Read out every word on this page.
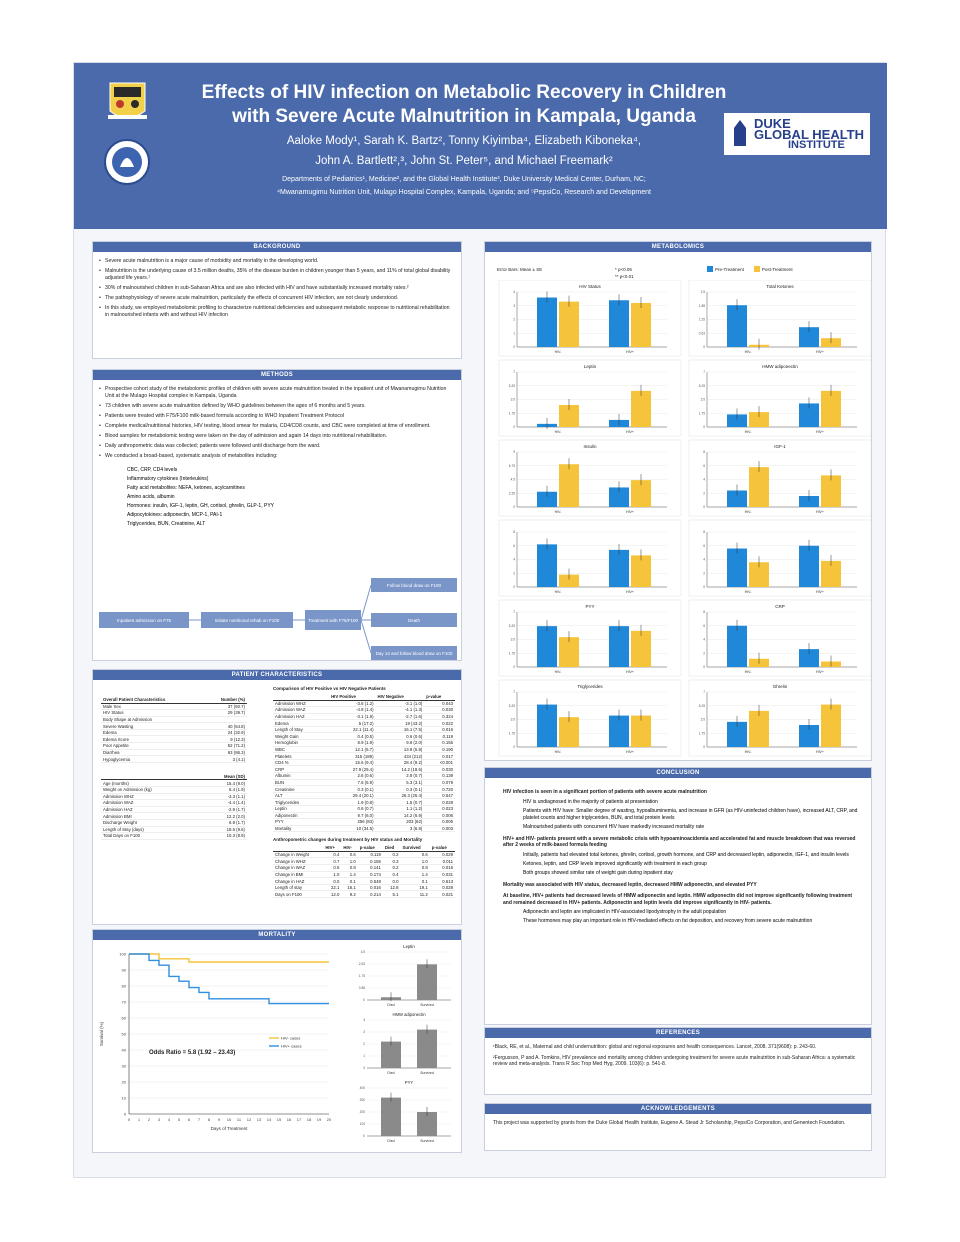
Effects of HIV infection on Metabolic Recovery in Children
with Severe Acute Malnutrition in Kampala, Uganda
Aaloke Mody¹, Sarah K. Bartz², Tonny Kiyimba⁴, Elizabeth Kiboneka⁴,
John A. Bartlett²,³, John St. Peter⁵, and Michael Freemark²
Departments of Pediatrics¹, Medicine², and the Global Health Institute³, Duke University Medical Center, Durham, NC;
⁴Mwanamugimu Nutrition Unit, Mulago Hospital Complex, Kampala, Uganda; and ⁵PepsiCo, Research and Development
DUKE
GLOBAL HEALTH
INSTITUTE
BACKGROUND
• Severe acute malnutrition is a major cause of morbidity and mortality in the developing world.
• Malnutrition is the underlying cause of 3.5 million deaths, 35% of the disease burden in children younger than 5 years, and 11% of total global disability adjusted life years.¹
• 30% of malnourished children in sub-Saharan Africa and are also infected with HIV and have substantially increased mortality rates.²
• The pathophysiology of severe acute malnutrition, particularly the effects of concurrent HIV infection, are not clearly understood.
• In this study, we employed metabolomic profiling to characterize nutritional deficiencies and subsequent metabolic response to nutritional rehabilitation in malnourished infants with and without HIV infection
METHODS
• Prospective cohort study of the metabolomic profiles of children with severe acute malnutrition treated in the inpatient unit of Mwanamugimu Nutrition Unit at the Mulago Hospital complex in Kampala, Uganda
• 73 children with severe acute malnutrition defined by WHO guidelines between the ages of 6 months and 5 years.
• Patients were treated with F75/F100 milk-based formula according to WHO Inpatient Treatment Protocol
• Complete medical/nutritional histories, HIV testing, blood smear for malaria, CD4/CD8 counts, and CBC were completed at time of enrollment.
• Blood samples for metabolomic testing were taken on the day of admission and again 14 days into nutritional rehabilitation.
• Daily anthropometric data was collected; patients were followed until discharge from the ward.
• We conducted a broad-based, systematic analysis of metabolites including:
CBC, CRP, CD4 levels
Inflammatory cytokines (Interleukins)
Fatty acid metabolites: NEFA, ketones, acylcarnitines
Amino acids, albumin
Hormones: insulin, IGF-1, leptin, GH, cortisol, ghrelin, GLP-1, PYY
Adipocytokines: adiponectin, MCP-1, PAI-1
Triglycerides, BUN, Creatinine, ALT
Inpatient admission on F75	Initiate nutritional rehab on F100	Treatment with F75/F100
Follow blood draw on F100
Death
Day 14 and follow blood draw on F100
PATIENT CHARACTERISTICS
Overall Patient Characteristics	Number (%)
Male Sex	37 (50.7)
HIV Status	29 (39.7)
Body Shape at Admission	
Severe Wasting	40 (54.8)
Edema	24 (32.9)
Edema Score	9 (12.3)
Poor Appetite	52 (71.2)
Diarrhea	63 (86.3)
Hypoglycemia	3 (4.1)
	Mean (SD)
Age (months)	15.4 (9.0)
Weight on Admission (kg)	6.4 (1.9)
Admission WHZ	-3.3 (1.1)
Admission WAZ	-4.4 (1.4)
Admission HAZ	-2.9 (1.7)
Admission BMI	12.2 (2.0)
Discharge Weight	6.9 (1.7)
Length of Stay (days)	18.5 (9.6)
Total Days on F100	10.3 (8.9)
Comparison of HIV Positive vs HIV Negative Patients
	HIV Positive	HIV Negative	p-value
Admission WHZ	-3.6 (1.2)	-3.1 (1.0)	0.043
Admission WAZ	-4.8 (1.4)	-4.1 (1.3)	0.030
Admission HAZ	-3.1 (1.9)	-2.7 (1.6)	0.324
Edema	5 (17.2)	19 (43.2)	0.022
Length of Stay	22.1 (11.4)	16.1 (7.5)	0.016
Weight Gain	0.4 (0.5)	0.6 (0.6)	0.119
Hemoglobin	8.9 (1.9)	9.6 (2.0)	0.155
WBC	12.1 (5.7)	13.9 (5.9)	0.190
Platelets	315 (189)	434 (212)	0.017
CD4 %	15.6 (9.4)	28.4 (9.2)	<0.001
CRP	27.9 (29.4)	14.2 (19.6)	0.030
Albumin	2.6 (0.6)	2.8 (0.7)	0.139
BUN	7.6 (5.9)	5.3 (3.1)	0.079
Creatinine	0.3 (0.1)	0.3 (0.1)	0.720
ALT	29.4 (20.1)	26.3 (25.4)	0.547
Triglycerides	1.9 (0.8)	1.5 (0.7)	0.028
Leptin	0.6 (0.7)	1.1 (1.2)	0.023
Adiponectin	9.7 (6.0)	14.2 (6.9)	0.006
PYY	256 (83)	203 (62)	0.005
Mortality	10 (34.5)	3 (6.8)	0.003
Anthropometric changes during treatment by HIV status and Mortality
	HIV+	HIV-	p-value	Died	Survived	p-value
Change in Weight	0.4	0.6	0.119	0.2	0.6	0.029
Change in WHZ	0.7	1.0	0.156	0.3	1.0	0.011
Change in WAZ	0.5	0.8	0.141	0.2	0.8	0.016
Change in BMI	1.0	1.4	0.174	0.4	1.4	0.031
Change in HAZ	0.0	0.1	0.548	0.0	0.1	0.613
Length of stay	22.1	16.1	0.016	12.8	19.1	0.028
Days on F100	12.0	9.2	0.214	5.1	11.2	0.021
MORTALITY
0
10
20
30
40
50
60
70
80
90
100
0 1 2 3 4 5 6 7 8 9 10 11 12 13 14 15 16 17 18 19 20
Days of Treatment
Survival (%)
Odds Ratio = 5.8 (1.92 – 23.43)
HIV- cases
HIV+ cases
Leptin
0
0.88
1.75
2.63
3.5
Died	Survived
HMW adiponectin
0
1
2
3
4
Died	Survived
PYY
0
100
200
300
400
Died	Survived
METABOLOMICS
Error Bars: Mean ± SE	* p<0.05
** p<0.01
Pre-Treatment	Post-Treatment
HIV Status
0
1
2
3
4
HIV-	HIV+
Total Ketones
0
0.63
1.25
1.88
2.5
HIV-	HIV+
Leptin
0
1.75
3.5
5.25
7
HIV-	HIV+
HMW adiponectin
0
1.75
3.5
5.25
7
HIV-	HIV+
Insulin
0
2.25
4.5
6.75
9
HIV-	HIV+
IGF-1
0
2
4
6
8
HIV-	HIV+
0
2
4
6
8
HIV-	HIV+
0
2
4
6
8
HIV-	HIV+
PYY
0
1.75
3.5
5.25
7
HIV-	HIV+
CRP
0
2
4
6
8
HIV-	HIV+
Triglycerides
0
1.75
3.5
5.25
7
HIV-	HIV+
Ghrelin
0
1.75
3.5
5.25
7
HIV-	HIV+
CONCLUSION
HIV infection is seen in a significant portion of patients with severe acute malnutrition
HIV is undiagnosed in the majority of patients at presentation
Patients with HIV have: Smaller degree of wasting, hypoalbuminemia, and increase in GFR (as HIV-uninfected children have), increased ALT, CRP, and platelet counts and higher triglycerides, BUN, and total protein levels
Malnourished patients with concurrent HIV have markedly increased mortality rate
HIV+ and HIV- patients present with a severe metabolic crisis with hypoaminoacidemia and accelerated fat and muscle breakdown that was reversed after 2 weeks of milk-based formula feeding
Initially, patients had elevated total ketones, ghrelin, cortisol, growth hormone, and CRP and decreased leptin, adiponectin, IGF-1, and insulin levels
Ketones, leptin, and CRP levels improved significantly with treatment in each group
Both groups showed similar rate of weight gain during inpatient stay
Mortality was associated with HIV status, decreased leptin, decreased HMW adiponectin, and elevated PYY
At baseline, HIV+ patients had decreased levels of HMW adiponectin and leptin. HMW adiponectin did not improve significantly following treatment and remained decreased in HIV+ patients. Adiponectin and leptin levels did improve significantly in HIV- patients.
Adiponectin and leptin are implicated in HIV-associated lipodystrophy in the adult population
These hormones may play an important role in HIV-mediated effects on fat deposition, and recovery from severe acute malnutrition
REFERENCES
¹Black, RE, et al., Maternal and child undernutrition: global and regional exposures and health consequences. Lancet, 2008. 371(9608): p. 243-60.
²Fergusson, P and A. Tomkins, HIV prevalence and mortality among children undergoing treatment for severe acute malnutrition in sub-Saharan Africa: a systematic review and meta-analysis. Trans R Soc Trop Med Hyg, 2009. 103(6): p. 541-8.
ACKNOWLEDGEMENTS
This project was supported by grants from the Duke Global Health Institute, Eugene A. Stead Jr Scholarship, PepsiCo Corporation, and Genentech Foundation.
